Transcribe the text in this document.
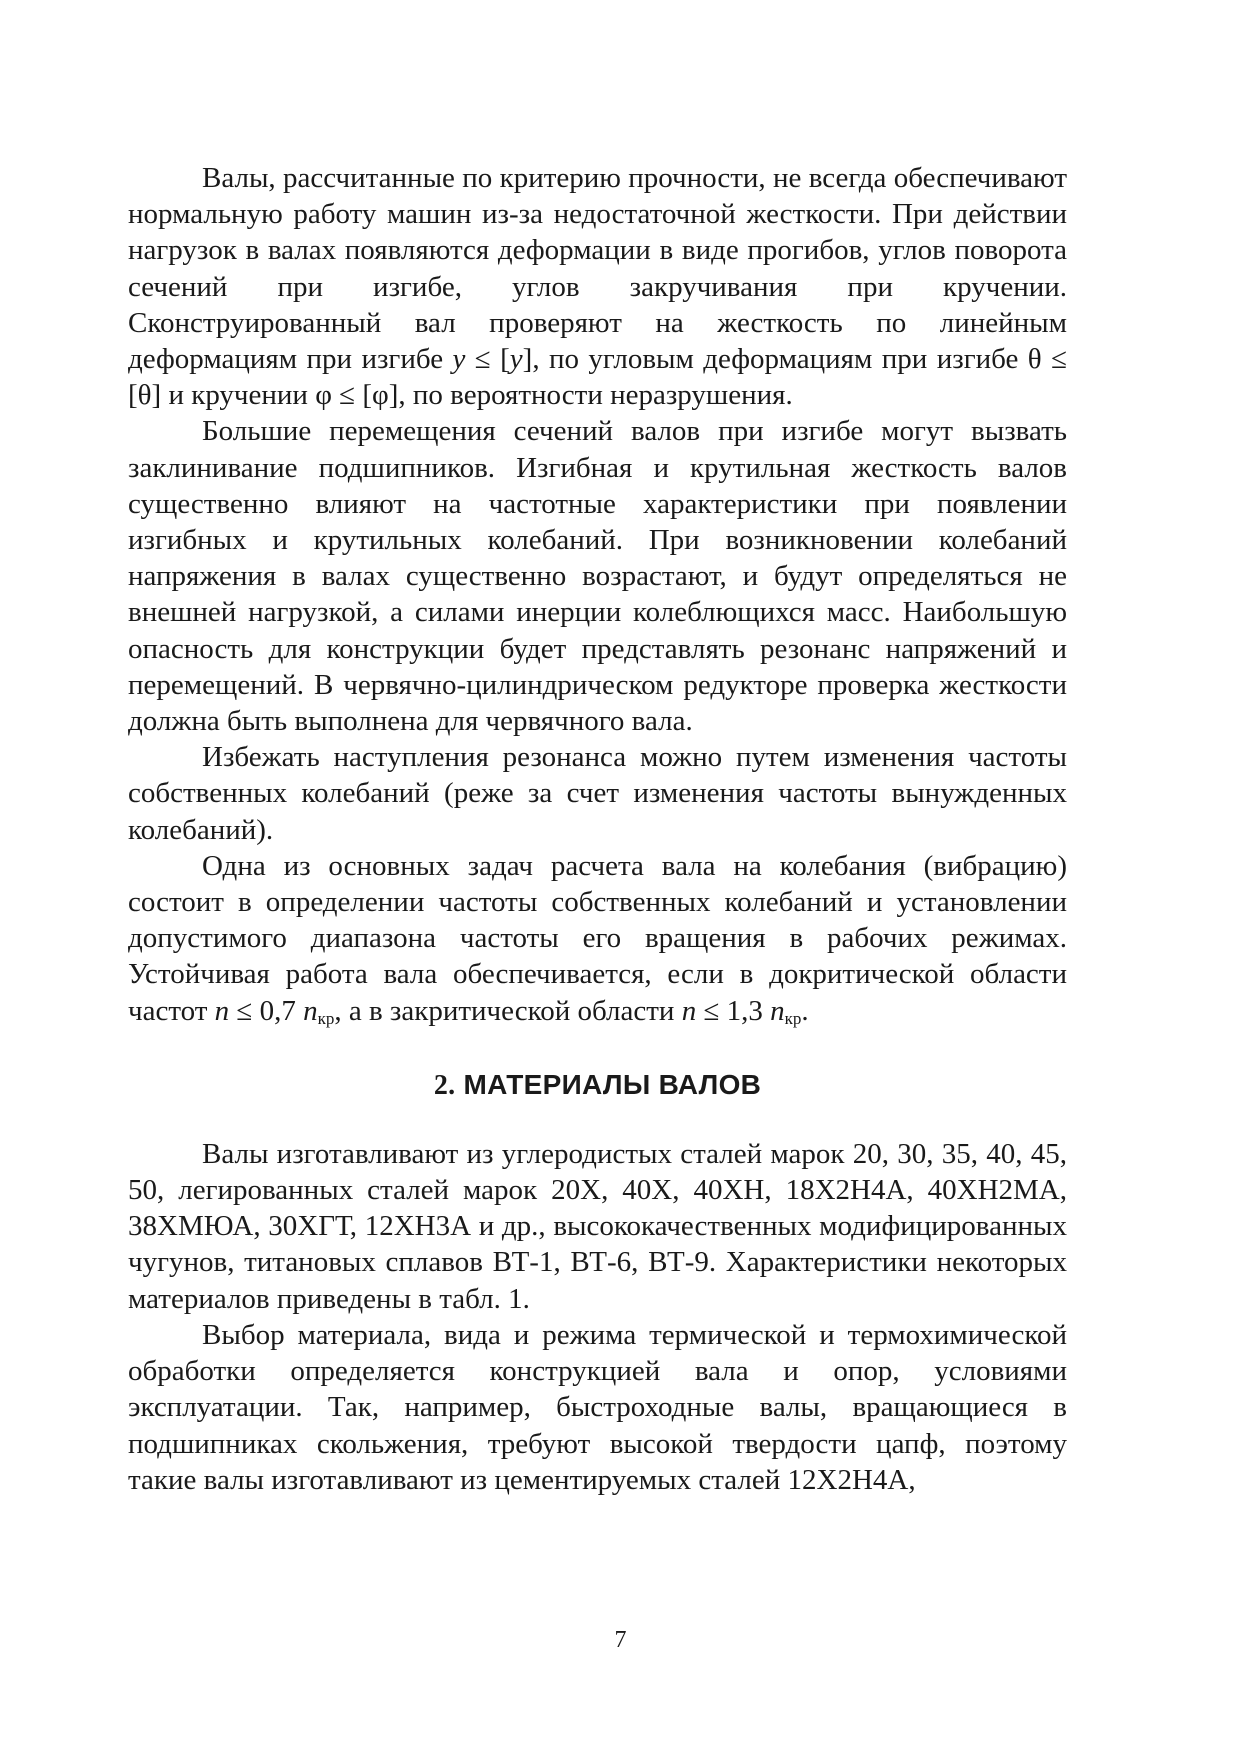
Валы, рассчитанные по критерию прочности, не всегда обеспечивают нормальную работу машин из-за недостаточной жесткости. При действии нагрузок в валах появляются деформации в виде прогибов, углов поворота сечений при изгибе, углов закручивания при кручении. Сконструированный вал проверяют на жесткость по линейным деформациям при изгибе y ≤ [y], по угловым деформациям при изгибе θ ≤ [θ] и кручении φ ≤ [φ], по вероятности неразрушения.

Большие перемещения сечений валов при изгибе могут вызвать заклинивание подшипников. Изгибная и крутильная жесткость валов существенно влияют на частотные характеристики при появлении изгибных и крутильных колебаний. При возникновении колебаний напряжения в валах существенно возрастают, и будут определяться не внешней нагрузкой, а силами инерции колеблющихся масс. Наибольшую опасность для конструкции будет представлять резонанс напряжений и перемещений. В червячно-цилиндрическом редукторе проверка жесткости должна быть выполнена для червячного вала.

Избежать наступления резонанса можно путем изменения частоты собственных колебаний (реже за счет изменения частоты вынужденных колебаний).

Одна из основных задач расчета вала на колебания (вибрацию) состоит в определении частоты собственных колебаний и установлении допустимого диапазона частоты его вращения в рабочих режимах. Устойчивая работа вала обеспечивается, если в докритической области частот n ≤ 0,7 $n_{кр}$, а в закритической области n ≤ 1,3 $n_{кр}$.

2. МАТЕРИАЛЫ ВАЛОВ

Валы изготавливают из углеродистых сталей марок 20, 30, 35, 40, 45, 50, легированных сталей марок 20Х, 40Х, 40ХН, 18Х2Н4А, 40ХН2МА, 38ХМЮА, 30ХГТ, 12ХН3А и др., высококачественных модифицированных чугунов, титановых сплавов ВТ-1, ВТ-6, ВТ-9. Характеристики некоторых материалов приведены в табл. 1.

Выбор материала, вида и режима термической и термохимической обработки определяется конструкцией вала и опор, условиями эксплуатации. Так, например, быстроходные валы, вращающиеся в подшипниках скольжения, требуют высокой твердости цапф, поэтому такие валы изготавливают из цементируемых сталей 12Х2Н4А,

7
